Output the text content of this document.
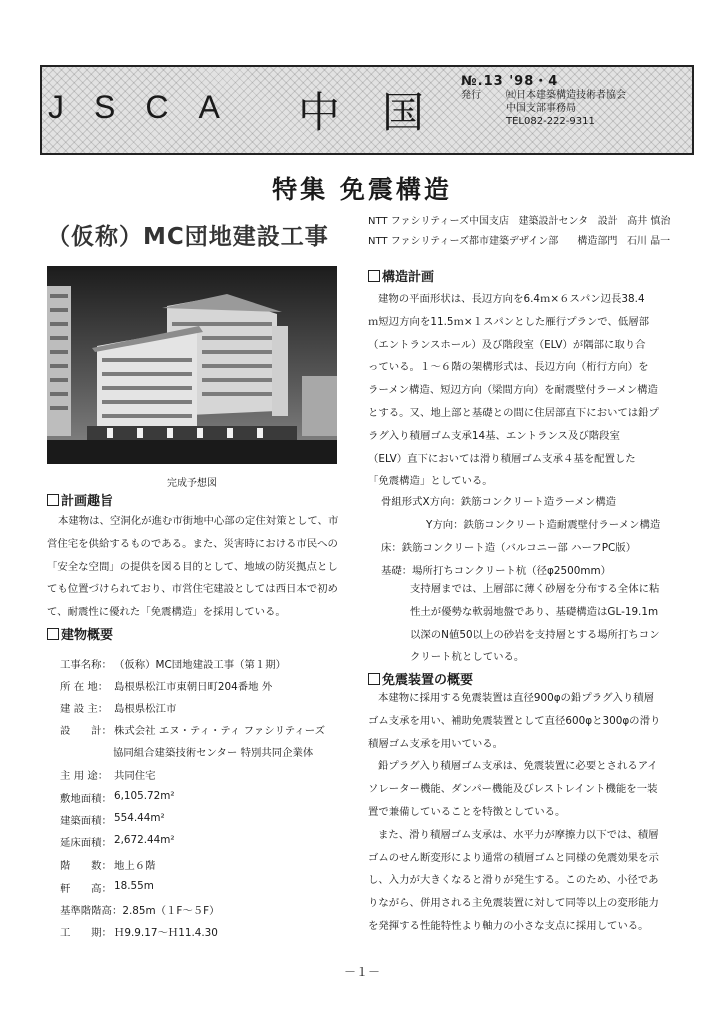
JSCA 中国
№.13 '98・4
発行	㈳日本建築構造技術者協会
中国支部事務局
TEL082-222-9311
特集 免震構造
（仮称）MC団地建設工事
NTT ファシリティーズ中国支店 建築設計センタ 設計 高井 慎治
NTT ファシリティーズ都市建築デザイン部 構造部門 石川 晶一
完成予想図
計画趣旨
本建物は、空洞化が進む市街地中心部の定住対策として、市
営住宅を供給するものである。また、災害時における市民への
「安全な空間」の提供を図る目的として、地域の防災拠点とし
ても位置づけられており、市営住宅建設としては西日本で初め
て、耐震性に優れた「免震構造」を採用している。
建物概要
工事名称： （仮称）MC団地建設工事（第１期）
所 在 地： 島根県松江市東朝日町204番地 外
建 設 主： 島根県松江市
設　　計： 株式会社 エヌ・ティ・ティ ファシリティーズ
協同組合建築技術センター 特別共同企業体
主 用 途： 共同住宅
敷地面積： 6,105.72m²
建築面積： 554.44m²
延床面積： 2,672.44m²
階　　数： 地上６階
軒　　高： 18.55m
基準階階高： 2.85m（１F～５F）
工　　期： Ｈ9.9.17～Ｈ11.4.30
構造計画
建物の平面形状は、長辺方向を6.4ｍ×６スパン辺長38.4
ｍ短辺方向を11.5ｍ×１スパンとした雁行プランで、低層部
（エントランスホール）及び階段室（ELV）が隅部に取り合
っている。１～６階の架構形式は、長辺方向（桁行方向）を
ラーメン構造、短辺方向（梁間方向）を耐震壁付ラーメン構造
とする。又、地上部と基礎との間に住居部直下においては鉛プ
ラグ入り積層ゴム支承14基、エントランス及び階段室
（ELV）直下においては滑り積層ゴム支承４基を配置した
「免震構造」としている。
骨組形式X方向： 鉄筋コンクリート造ラーメン構造
Y方向： 鉄筋コンクリート造耐震壁付ラーメン構造
床： 鉄筋コンクリート造（バルコニー部 ハーフPC版）
基礎： 場所打ちコンクリート杭（径φ2500mm）
支持層までは、上層部に薄く砂層を分布する全体に粘
性土が優勢な軟弱地盤であり、基礎構造はGL-19.1m
以深のN値50以上の砂岩を支持層とする場所打ちコン
クリート杭としている。
免震装置の概要
本建物に採用する免震装置は直径900φの鉛プラグ入り積層
ゴム支承を用い、補助免震装置として直径600φと300φの滑り
積層ゴム支承を用いている。
鉛プラグ入り積層ゴム支承は、免震装置に必要とされるアイ
ソレーター機能、ダンパー機能及びレストレイント機能を一装
置で兼備していることを特徴としている。
また、滑り積層ゴム支承は、水平力が摩擦力以下では、積層
ゴムのせん断変形により通常の積層ゴムと同様の免震効果を示
し、入力が大きくなると滑りが発生する。このため、小径であ
りながら、併用される主免震装置に対して同等以上の変形能力
を発揮する性能特性より軸力の小さな支点に採用している。
－１－
